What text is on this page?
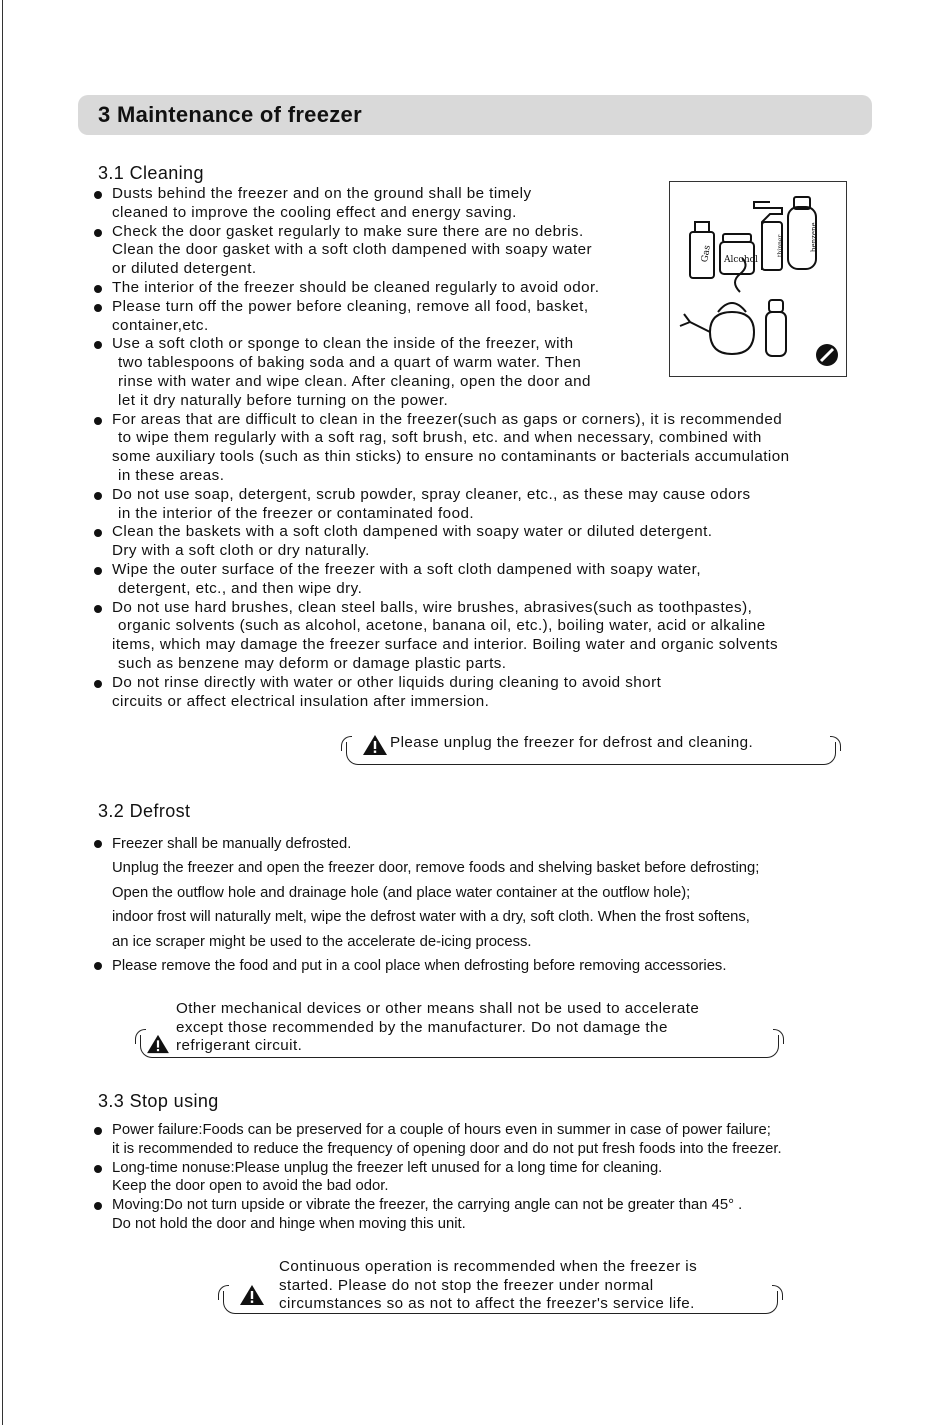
3 Maintenance of freezer
3.1 Cleaning
Dusts behind the freezer and on the ground shall be timely
cleaned to improve the cooling effect and energy saving.
Check the door gasket regularly to make sure there are no debris.
Clean the door gasket with a soft cloth dampened with soapy water
or diluted detergent.
The interior of the freezer should be cleaned regularly to avoid odor.
Please turn off the power before cleaning, remove all food, basket,
container,etc.
Use a soft cloth or sponge to clean the inside of the freezer, with
two tablespoons of baking soda and a quart of warm water. Then
rinse with water and wipe clean. After cleaning, open the door and
let it dry naturally before turning on the power.
For areas that are difficult to clean in the freezer(such as gaps or corners), it is recommended
to wipe them regularly with a soft rag, soft brush, etc. and when necessary, combined with
some auxiliary tools (such as thin sticks) to ensure no contaminants or bacterials accumulation
in these areas.
Do not use soap, detergent, scrub powder, spray cleaner, etc., as these may cause odors
in the interior of the freezer or contaminated food.
Clean the baskets with a soft cloth dampened with soapy water or diluted detergent.
Dry with a soft cloth or dry naturally.
Wipe the outer surface of the freezer with a soft cloth dampened with soapy water,
detergent, etc., and then wipe dry.
Do not use hard brushes, clean steel balls, wire brushes, abrasives(such as toothpastes),
organic solvents (such as alcohol, acetone, banana oil, etc.), boiling water, acid or alkaline
items, which may damage the freezer surface and interior. Boiling water and organic solvents
such as benzene may deform or damage plastic parts.
Do not rinse directly with water or other liquids during cleaning to avoid short
circuits or affect electrical insulation after immersion.
Gas Alcohol
thinner	benzene
Please unplug the freezer for defrost and cleaning.
3.2 Defrost
Freezer shall be manually defrosted.
Unplug the freezer and open the freezer door, remove foods and shelving basket before defrosting;
Open the outflow hole and drainage hole (and place water container at the outflow hole);
indoor frost will naturally melt, wipe the defrost water with a dry, soft cloth. When the frost softens,
an ice scraper might be used to the accelerate de-icing process.
Please remove the food and put in a cool place when defrosting before removing accessories.
Other mechanical devices or other means shall not be used to accelerate
except those recommended by the manufacturer. Do not damage the
refrigerant circuit.
3.3 Stop using
Power failure:Foods can be preserved for a couple of hours even in summer in case of power failure;
it is recommended to reduce the frequency of opening door and do not put fresh foods into the freezer.
Long-time nonuse:Please unplug the freezer left unused for a long time for cleaning.
Keep the door open to avoid the bad odor.
Moving:Do not turn upside or vibrate the freezer, the carrying angle can not be greater than 45° .
Do not hold the door and hinge when moving this unit.
Continuous operation is recommended when the freezer is
started. Please do not stop the freezer under normal
circumstances so as not to affect the freezer's service life.
